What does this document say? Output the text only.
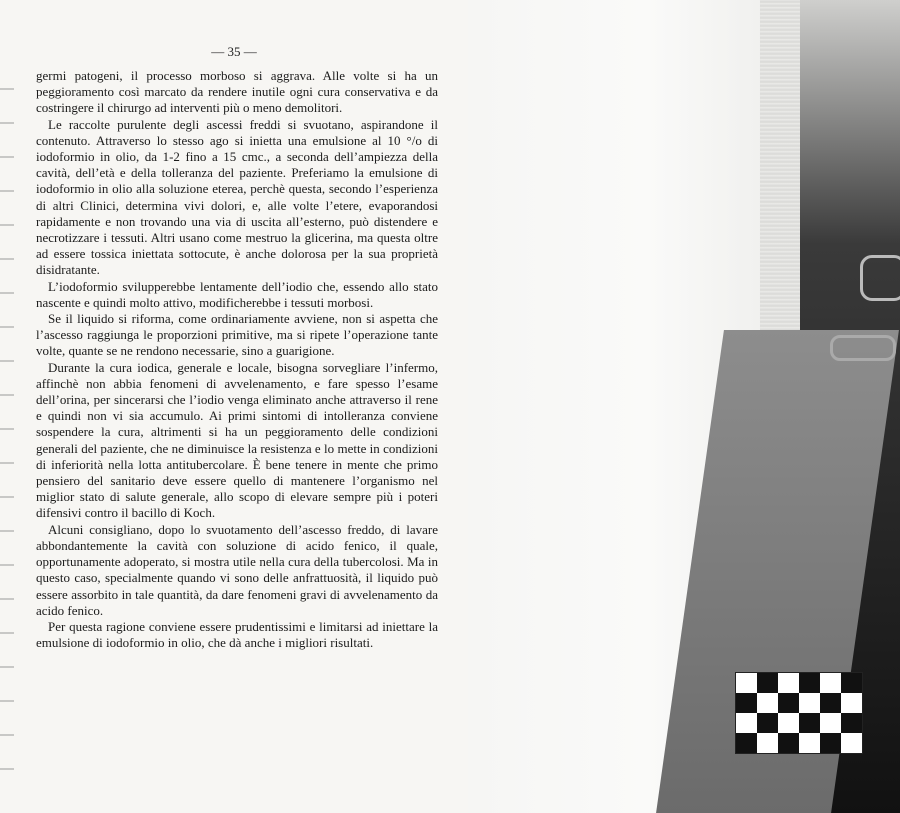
— 35 —

germi patogeni, il processo morboso si aggrava. Alle volte si ha un peggioramento così marcato da rendere inutile ogni cura conservativa e da costringere il chirurgo ad interventi più o meno demolitori.

Le raccolte purulente degli ascessi freddi si svuotano, aspirandone il contenuto. Attraverso lo stesso ago si inietta una emulsione al 10 °/o di iodoformio in olio, da 1-2 fino a 15 cmc., a seconda dell’ampiezza della cavità, dell’età e della tolleranza del paziente. Preferiamo la emulsione di iodoformio in olio alla soluzione eterea, perchè questa, secondo l’esperienza di altri Clinici, determina vivi dolori, e, alle volte l’etere, evaporandosi rapidamente e non trovando una via di uscita all’esterno, può distendere e necrotizzare i tessuti. Altri usano come mestruo la glicerina, ma questa oltre ad essere tossica iniettata sottocute, è anche dolorosa per la sua proprietà disidratante.

L’iodoformio svilupperebbe lentamente dell’iodio che, essendo allo stato nascente e quindi molto attivo, modificherebbe i tessuti morbosi.

Se il liquido si riforma, come ordinariamente avviene, non si aspetta che l’ascesso raggiunga le proporzioni primitive, ma si ripete l’operazione tante volte, quante se ne rendono necessarie, sino a guarigione.

Durante la cura iodica, generale e locale, bisogna sorvegliare l’infermo, affinchè non abbia fenomeni di avvelenamento, e fare spesso l’esame dell’orina, per sincerarsi che l’iodio venga eliminato anche attraverso il rene e quindi non vi sia accumulo. Ai primi sintomi di intolleranza conviene sospendere la cura, altrimenti si ha un peggioramento delle condizioni generali del paziente, che ne diminuisce la resistenza e lo mette in condizioni di inferiorità nella lotta antitubercolare. È bene tenere in mente che primo pensiero del sanitario deve essere quello di mantenere l’organismo nel miglior stato di salute generale, allo scopo di elevare sempre più i poteri difensivi contro il bacillo di Koch.

Alcuni consigliano, dopo lo svuotamento dell’ascesso freddo, di lavare abbondantemente la cavità con soluzione di acido fenico, il quale, opportunamente adoperato, si mostra utile nella cura della tubercolosi. Ma in questo caso, specialmente quando vi sono delle anfrattuosità, il liquido può essere assorbito in tale quantità, da dare fenomeni gravi di avvelenamento da acido fenico.

Per questa ragione conviene essere prudentissimi e limitarsi ad iniettare la emulsione di iodoformio in olio, che dà anche i migliori risultati.
